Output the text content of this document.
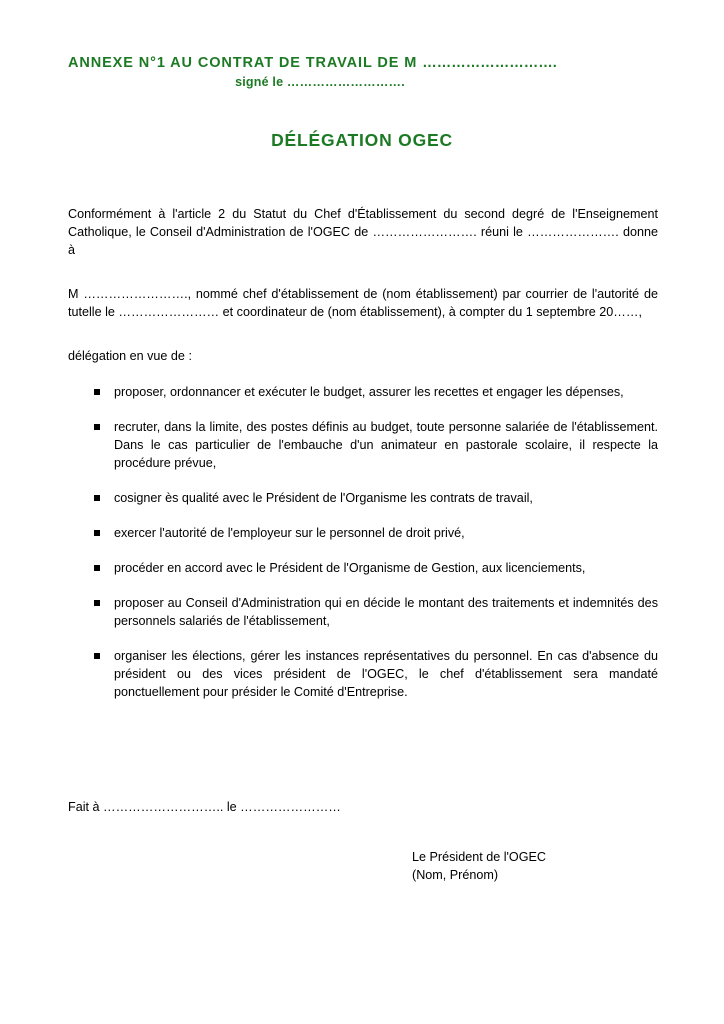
ANNEXE N°1 AU CONTRAT DE TRAVAIL DE M ……………………….
signé le ……………………….
DÉLÉGATION OGEC

Conformément à l'article 2 du Statut du Chef d'Établissement du second degré de l'Enseignement Catholique, le Conseil d'Administration de l'OGEC de ……………………. réuni le …………………. donne à

M ……………………., nommé chef d'établissement de (nom établissement) par courrier de l'autorité de tutelle le …………………… et coordinateur de (nom établissement), à compter du 1 septembre 20……,

délégation en vue de :

proposer, ordonnancer et exécuter le budget, assurer les recettes et engager les dépenses,
recruter, dans la limite, des postes définis au budget, toute personne salariée de l'établissement. Dans le cas particulier de l'embauche d'un animateur en pastorale scolaire, il respecte la procédure prévue,
cosigner ès qualité avec le Président de l'Organisme les contrats de travail,
exercer l'autorité de l'employeur sur le personnel de droit privé,
procéder en accord avec le Président de l'Organisme de Gestion, aux licenciements,
proposer au Conseil d'Administration qui en décide le montant des traitements et indemnités des personnels salariés de l'établissement,
organiser les élections, gérer les instances représentatives du personnel. En cas d'absence du président ou des vices président de l'OGEC, le chef d'établissement sera mandaté ponctuellement pour présider le Comité d'Entreprise.
Fait à ……………………….. le ……………………
Le Président de l'OGEC
(Nom, Prénom)
